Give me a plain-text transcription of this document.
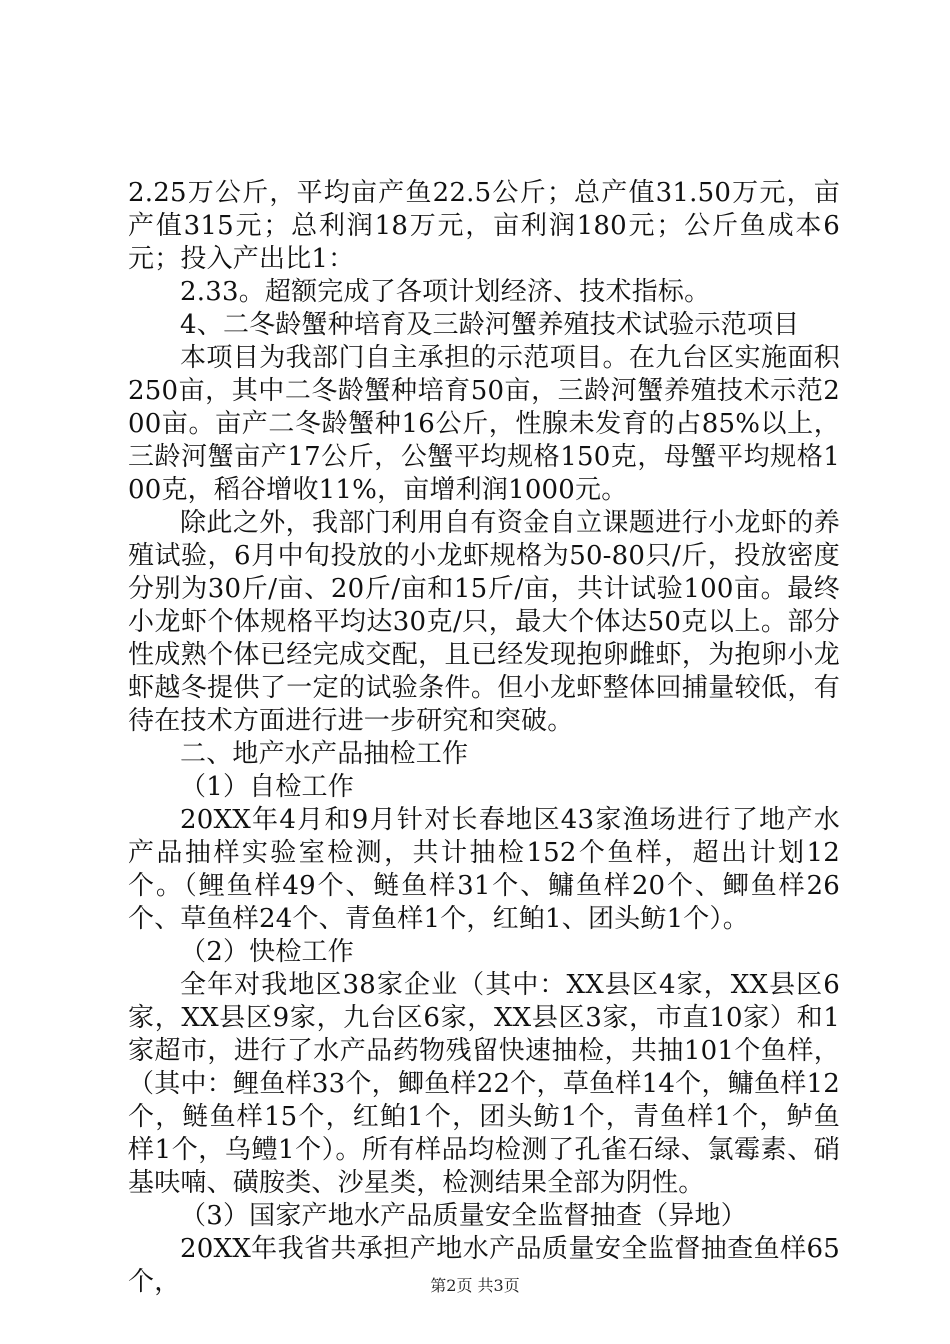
2.25万公斤，平均亩产鱼22.5公斤；总产值31.50万元，亩产值315元；总利润18万元，亩利润180元；公斤鱼成本6元；投入产出比1：

2.33。超额完成了各项计划经济、技术指标。

4、二冬龄蟹种培育及三龄河蟹养殖技术试验示范项目

本项目为我部门自主承担的示范项目。在九台区实施面积250亩，其中二冬龄蟹种培育50亩，三龄河蟹养殖技术示范200亩。亩产二冬龄蟹种16公斤，性腺未发育的占85%以上，三龄河蟹亩产17公斤，公蟹平均规格150克，母蟹平均规格100克，稻谷增收11%，亩增利润1000元。

除此之外，我部门利用自有资金自立课题进行小龙虾的养殖试验，6月中旬投放的小龙虾规格为50-80只/斤，投放密度分别为30斤/亩、20斤/亩和15斤/亩，共计试验100亩。最终小龙虾个体规格平均达30克/只，最大个体达50克以上。部分性成熟个体已经完成交配，且已经发现抱卵雌虾，为抱卵小龙虾越冬提供了一定的试验条件。但小龙虾整体回捕量较低，有待在技术方面进行进一步研究和突破。

二、地产水产品抽检工作

（1）自检工作

20XX年4月和9月针对长春地区43家渔场进行了地产水产品抽样实验室检测，共计抽检152个鱼样，超出计划12个。（鲤鱼样49个、鲢鱼样31个、鳙鱼样20个、鲫鱼样26个、草鱼样24个、青鱼样1个，红鲌1、团头鲂1个）。

（2）快检工作

全年对我地区38家企业（其中：XX县区4家，XX县区6家，XX县区9家，九台区6家，XX县区3家，市直10家）和1家超市，进行了水产品药物残留快速抽检，共抽101个鱼样，（其中：鲤鱼样33个，鲫鱼样22个，草鱼样14个，鳙鱼样12个，鲢鱼样15个，红鲌1个，团头鲂1个，青鱼样1个，鲈鱼样1个，乌鳢1个）。所有样品均检测了孔雀石绿、氯霉素、硝基呋喃、磺胺类、沙星类，检测结果全部为阴性。

（3）国家产地水产品质量安全监督抽查（异地）

20XX年我省共承担产地水产品质量安全监督抽查鱼样65个，	第2页 共3页
